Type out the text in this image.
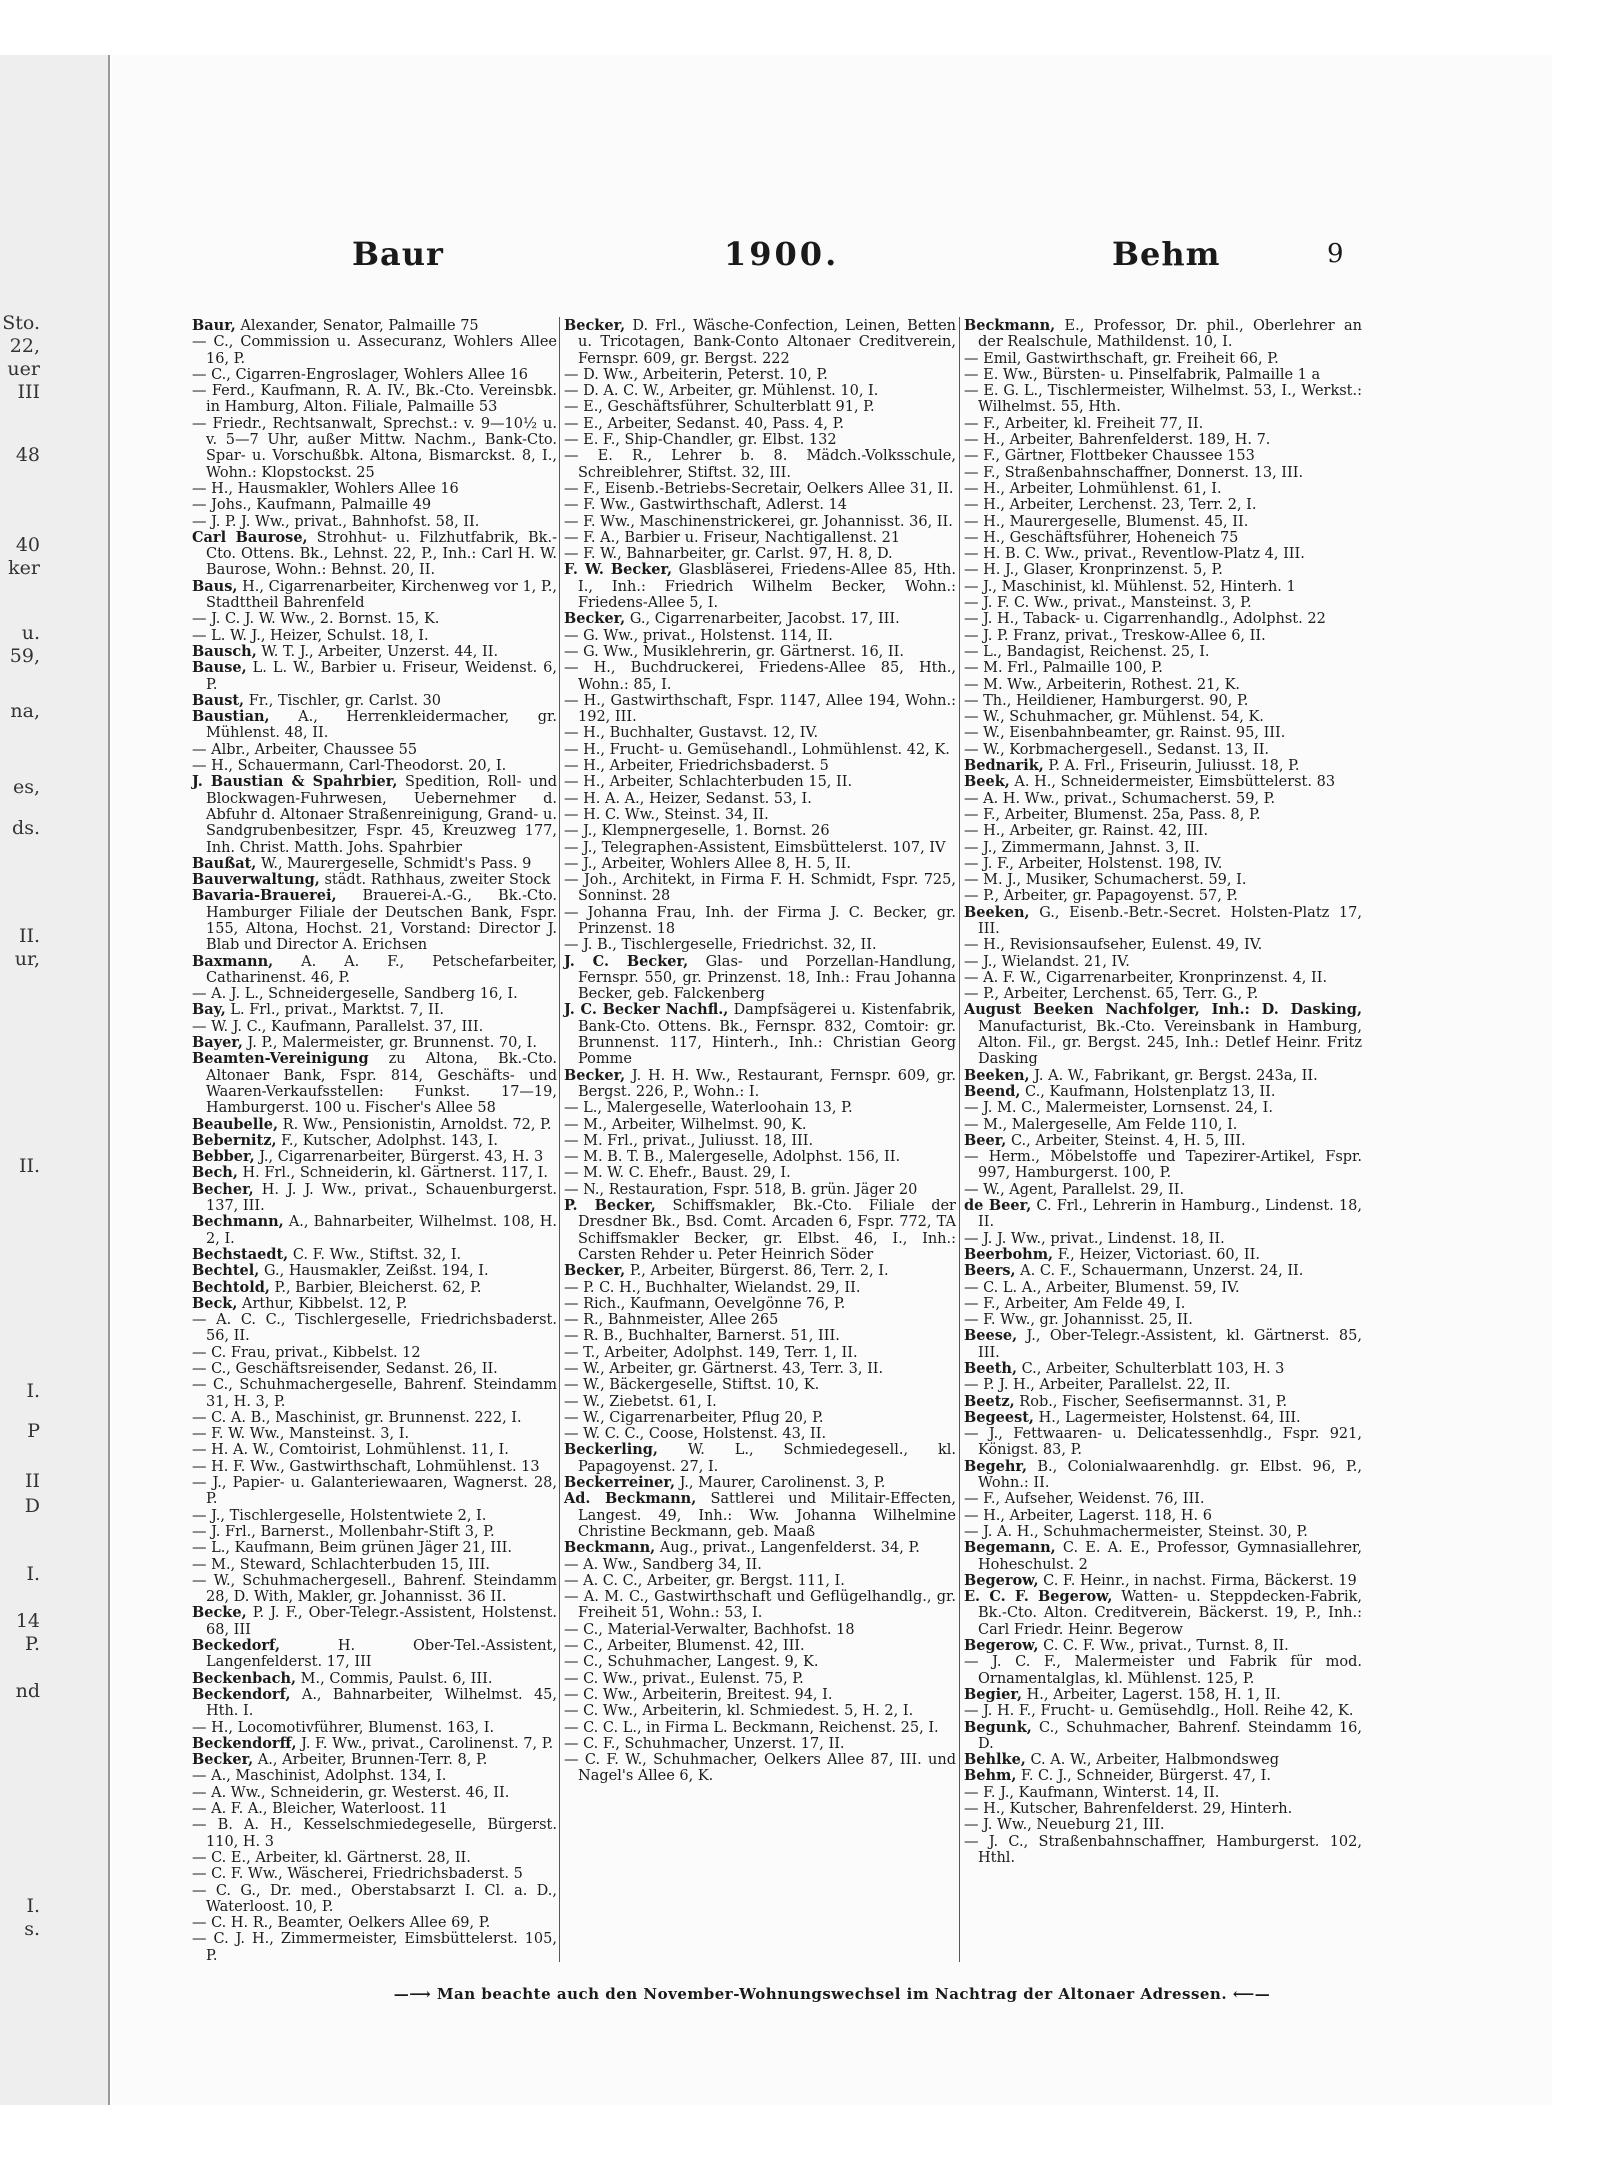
Sto.
22,
uer
III
48
40
ker
u.
59,
na,
es,
ds.
II.
ur,
II.
I.
P
II
D
I.
14
P.
nd
I.
s.
Baur	1900.	Behm	9

Baur, Alexander, Senator, Palmaille 75

— C., Commission u. Assecuranz, Wohlers Allee 16, P.

— C., Cigarren-Engroslager, Wohlers Allee 16

— Ferd., Kaufmann, R. A. IV., Bk.-Cto. Vereinsbk. in Hamburg, Alton. Filiale, Palmaille 53

— Friedr., Rechtsanwalt, Sprechst.: v. 9—10½ u. v. 5—7 Uhr, außer Mittw. Nachm., Bank-Cto. Spar- u. Vorschußbk. Altona, Bismarckst. 8, I., Wohn.: Klopstockst. 25

— H., Hausmakler, Wohlers Allee 16

— Johs., Kaufmann, Palmaille 49

— J. P. J. Ww., privat., Bahnhofst. 58, II.

Carl Baurose, Strohhut- u. Filzhutfabrik, Bk.-Cto. Ottens. Bk., Lehnst. 22, P., Inh.: Carl H. W. Baurose, Wohn.: Behnst. 20, II.

Baus, H., Cigarrenarbeiter, Kirchenweg vor 1, P., Stadttheil Bahrenfeld

— J. C. J. W. Ww., 2. Bornst. 15, K.

— L. W. J., Heizer, Schulst. 18, I.

Bausch, W. T. J., Arbeiter, Unzerst. 44, II.

Bause, L. L. W., Barbier u. Friseur, Weidenst. 6, P.

Baust, Fr., Tischler, gr. Carlst. 30

Baustian, A., Herrenkleidermacher, gr. Mühlenst. 48, II.

— Albr., Arbeiter, Chaussee 55

— H., Schauermann, Carl-Theodorst. 20, I.

J. Baustian & Spahrbier, Spedition, Roll- und Blockwagen-Fuhrwesen, Uebernehmer d. Abfuhr d. Altonaer Straßenreinigung, Grand- u. Sandgrubenbesitzer, Fspr. 45, Kreuzweg 177, Inh. Christ. Matth. Johs. Spahrbier

Baußat, W., Maurergeselle, Schmidt's Pass. 9

Bauverwaltung, städt. Rathhaus, zweiter Stock

Bavaria-Brauerei, Brauerei-A.-G., Bk.-Cto. Hamburger Filiale der Deutschen Bank, Fspr. 155, Altona, Hochst. 21, Vorstand: Director J. Blab und Director A. Erichsen

Baxmann, A. A. F., Petschefarbeiter, Catharinenst. 46, P.

— A. J. L., Schneidergeselle, Sandberg 16, I.

Bay, L. Frl., privat., Marktst. 7, II.

— W. J. C., Kaufmann, Parallelst. 37, III.

Bayer, J. P., Malermeister, gr. Brunnenst. 70, I.

Beamten-Vereinigung zu Altona, Bk.-Cto. Altonaer Bank, Fspr. 814, Geschäfts- und Waaren-Verkaufsstellen: Funkst. 17—19, Hamburgerst. 100 u. Fischer's Allee 58

Beaubelle, R. Ww., Pensionistin, Arnoldst. 72, P.

Bebernitz, F., Kutscher, Adolphst. 143, I.

Bebber, J., Cigarrenarbeiter, Bürgerst. 43, H. 3

Bech, H. Frl., Schneiderin, kl. Gärtnerst. 117, I.

Becher, H. J. J. Ww., privat., Schauenburgerst. 137, III.

Bechmann, A., Bahnarbeiter, Wilhelmst. 108, H. 2, I.

Bechstaedt, C. F. Ww., Stiftst. 32, I.

Bechtel, G., Hausmakler, Zeißst. 194, I.

Bechtold, P., Barbier, Bleicherst. 62, P.

Beck, Arthur, Kibbelst. 12, P.

— A. C. C., Tischlergeselle, Friedrichsbaderst. 56, II.

— C. Frau, privat., Kibbelst. 12

— C., Geschäftsreisender, Sedanst. 26, II.

— C., Schuhmachergeselle, Bahrenf. Steindamm 31, H. 3, P.

— C. A. B., Maschinist, gr. Brunnenst. 222, I.

— F. W. Ww., Mansteinst. 3, I.

— H. A. W., Comtoirist, Lohmühlenst. 11, I.

— H. F. Ww., Gastwirthschaft, Lohmühlenst. 13

— J., Papier- u. Galanteriewaaren, Wagnerst. 28, P.

— J., Tischlergeselle, Holstentwiete 2, I.

— J. Frl., Barnerst., Mollenbahr-Stift 3, P.

— L., Kaufmann, Beim grünen Jäger 21, III.

— M., Steward, Schlachterbuden 15, III.

— W., Schuhmachergesell., Bahrenf. Steindamm 28, D. With, Makler, gr. Johannisst. 36 II.

Becke, P. J. F., Ober-Telegr.-Assistent, Holstenst. 68, III

Beckedorf, H. Ober-Tel.-Assistent, Langenfelderst. 17, III

Beckenbach, M., Commis, Paulst. 6, III.

Beckendorf, A., Bahnarbeiter, Wilhelmst. 45, Hth. I.

— H., Locomotivführer, Blumenst. 163, I.

Beckendorff, J. F. Ww., privat., Carolinenst. 7, P.

Becker, A., Arbeiter, Brunnen-Terr. 8, P.

— A., Maschinist, Adolphst. 134, I.

— A. Ww., Schneiderin, gr. Westerst. 46, II.

— A. F. A., Bleicher, Waterloost. 11

— B. A. H., Kesselschmiedegeselle, Bürgerst. 110, H. 3

— C. E., Arbeiter, kl. Gärtnerst. 28, II.

— C. F. Ww., Wäscherei, Friedrichsbaderst. 5

— C. G., Dr. med., Oberstabsarzt I. Cl. a. D., Waterloost. 10, P.

— C. H. R., Beamter, Oelkers Allee 69, P.

— C. J. H., Zimmermeister, Eimsbüttelerst. 105, P.

Becker, D. Frl., Wäsche-Confection, Leinen, Betten u. Tricotagen, Bank-Conto Altonaer Creditverein, Fernspr. 609, gr. Bergst. 222

— D. Ww., Arbeiterin, Peterst. 10, P.

— D. A. C. W., Arbeiter, gr. Mühlenst. 10, I.

— E., Geschäftsführer, Schulterblatt 91, P.

— E., Arbeiter, Sedanst. 40, Pass. 4, P.

— E. F., Ship-Chandler, gr. Elbst. 132

— E. R., Lehrer b. 8. Mädch.-Volksschule, Schreiblehrer, Stiftst. 32, III.

— F., Eisenb.-Betriebs-Secretair, Oelkers Allee 31, II.

— F. Ww., Gastwirthschaft, Adlerst. 14

— F. Ww., Maschinenstrickerei, gr. Johannisst. 36, II.

— F. A., Barbier u. Friseur, Nachtigallenst. 21

— F. W., Bahnarbeiter, gr. Carlst. 97, H. 8, D.

F. W. Becker, Glasbläserei, Friedens-Allee 85, Hth. I., Inh.: Friedrich Wilhelm Becker, Wohn.: Friedens-Allee 5, I.

Becker, G., Cigarrenarbeiter, Jacobst. 17, III.

— G. Ww., privat., Holstenst. 114, II.

— G. Ww., Musiklehrerin, gr. Gärtnerst. 16, II.

— H., Buchdruckerei, Friedens-Allee 85, Hth., Wohn.: 85, I.

— H., Gastwirthschaft, Fspr. 1147, Allee 194, Wohn.: 192, III.

— H., Buchhalter, Gustavst. 12, IV.

— H., Frucht- u. Gemüsehandl., Lohmühlenst. 42, K.

— H., Arbeiter, Friedrichsbaderst. 5

— H., Arbeiter, Schlachterbuden 15, II.

— H. A. A., Heizer, Sedanst. 53, I.

— H. C. Ww., Steinst. 34, II.

— J., Klempnergeselle, 1. Bornst. 26

— J., Telegraphen-Assistent, Eimsbüttelerst. 107, IV

— J., Arbeiter, Wohlers Allee 8, H. 5, II.

— Joh., Architekt, in Firma F. H. Schmidt, Fspr. 725, Sonninst. 28

— Johanna Frau, Inh. der Firma J. C. Becker, gr. Prinzenst. 18

— J. B., Tischlergeselle, Friedrichst. 32, II.

J. C. Becker, Glas- und Porzellan-Handlung, Fernspr. 550, gr. Prinzenst. 18, Inh.: Frau Johanna Becker, geb. Falckenberg

J. C. Becker Nachfl., Dampfsägerei u. Kistenfabrik, Bank-Cto. Ottens. Bk., Fernspr. 832, Comtoir: gr. Brunnenst. 117, Hinterh., Inh.: Christian Georg Pomme

Becker, J. H. H. Ww., Restaurant, Fernspr. 609, gr. Bergst. 226, P., Wohn.: I.

— L., Malergeselle, Waterloohain 13, P.

— M., Arbeiter, Wilhelmst. 90, K.

— M. Frl., privat., Juliusst. 18, III.

— M. B. T. B., Malergeselle, Adolphst. 156, II.

— M. W. C. Ehefr., Baust. 29, I.

— N., Restauration, Fspr. 518, B. grün. Jäger 20

P. Becker, Schiffsmakler, Bk.-Cto. Filiale der Dresdner Bk., Bsd. Comt. Arcaden 6, Fspr. 772, TA Schiffsmakler Becker, gr. Elbst. 46, I., Inh.: Carsten Rehder u. Peter Heinrich Söder

Becker, P., Arbeiter, Bürgerst. 86, Terr. 2, I.

— P. C. H., Buchhalter, Wielandst. 29, II.

— Rich., Kaufmann, Oevelgönne 76, P.

— R., Bahnmeister, Allee 265

— R. B., Buchhalter, Barnerst. 51, III.

— T., Arbeiter, Adolphst. 149, Terr. 1, II.

— W., Arbeiter, gr. Gärtnerst. 43, Terr. 3, II.

— W., Bäckergeselle, Stiftst. 10, K.

— W., Ziebetst. 61, I.

— W., Cigarrenarbeiter, Pflug 20, P.

— W. C. C., Coose, Holstenst. 43, II.

Beckerling, W. L., Schmiedegesell., kl. Papagoyenst. 27, I.

Beckerreiner, J., Maurer, Carolinenst. 3, P.

Ad. Beckmann, Sattlerei und Militair-Effecten, Langest. 49, Inh.: Ww. Johanna Wilhelmine Christine Beckmann, geb. Maaß

Beckmann, Aug., privat., Langenfelderst. 34, P.

— A. Ww., Sandberg 34, II.

— A. C. C., Arbeiter, gr. Bergst. 111, I.

— A. M. C., Gastwirthschaft und Geflügelhandlg., gr. Freiheit 51, Wohn.: 53, I.

— C., Material-Verwalter, Bachhofst. 18

— C., Arbeiter, Blumenst. 42, III.

— C., Schuhmacher, Langest. 9, K.

— C. Ww., privat., Eulenst. 75, P.

— C. Ww., Arbeiterin, Breitest. 94, I.

— C. Ww., Arbeiterin, kl. Schmiedest. 5, H. 2, I.

— C. C. L., in Firma L. Beckmann, Reichenst. 25, I.

— C. F., Schuhmacher, Unzerst. 17, II.

— C. F. W., Schuhmacher, Oelkers Allee 87, III. und Nagel's Allee 6, K.

Beckmann, E., Professor, Dr. phil., Oberlehrer an der Realschule, Mathildenst. 10, I.

— Emil, Gastwirthschaft, gr. Freiheit 66, P.

— E. Ww., Bürsten- u. Pinselfabrik, Palmaille 1 a

— E. G. L., Tischlermeister, Wilhelmst. 53, I., Werkst.: Wilhelmst. 55, Hth.

— F., Arbeiter, kl. Freiheit 77, II.

— H., Arbeiter, Bahrenfelderst. 189, H. 7.

— F., Gärtner, Flottbeker Chaussee 153

— F., Straßenbahnschaffner, Donnerst. 13, III.

— H., Arbeiter, Lohmühlenst. 61, I.

— H., Arbeiter, Lerchenst. 23, Terr. 2, I.

— H., Maurergeselle, Blumenst. 45, II.

— H., Geschäftsführer, Hoheneich 75

— H. B. C. Ww., privat., Reventlow-Platz 4, III.

— H. J., Glaser, Kronprinzenst. 5, P.

— J., Maschinist, kl. Mühlenst. 52, Hinterh. 1

— J. F. C. Ww., privat., Mansteinst. 3, P.

— J. H., Taback- u. Cigarrenhandlg., Adolphst. 22

— J. P. Franz, privat., Treskow-Allee 6, II.

— L., Bandagist, Reichenst. 25, I.

— M. Frl., Palmaille 100, P.

— M. Ww., Arbeiterin, Rothest. 21, K.

— Th., Heildiener, Hamburgerst. 90, P.

— W., Schuhmacher, gr. Mühlenst. 54, K.

— W., Eisenbahnbeamter, gr. Rainst. 95, III.

— W., Korbmachergesell., Sedanst. 13, II.

Bednarik, P. A. Frl., Friseurin, Juliusst. 18, P.

Beek, A. H., Schneidermeister, Eimsbüttelerst. 83

— A. H. Ww., privat., Schumacherst. 59, P.

— F., Arbeiter, Blumenst. 25a, Pass. 8, P.

— H., Arbeiter, gr. Rainst. 42, III.

— J., Zimmermann, Jahnst. 3, II.

— J. F., Arbeiter, Holstenst. 198, IV.

— M. J., Musiker, Schumacherst. 59, I.

— P., Arbeiter, gr. Papagoyenst. 57, P.

Beeken, G., Eisenb.-Betr.-Secret. Holsten-Platz 17, III.

— H., Revisionsaufseher, Eulenst. 49, IV.

— J., Wielandst. 21, IV.

— A. F. W., Cigarrenarbeiter, Kronprinzenst. 4, II.

— P., Arbeiter, Lerchenst. 65, Terr. G., P.

August Beeken Nachfolger, Inh.: D. Dasking, Manufacturist, Bk.-Cto. Vereinsbank in Hamburg, Alton. Fil., gr. Bergst. 245, Inh.: Detlef Heinr. Fritz Dasking

Beeken, J. A. W., Fabrikant, gr. Bergst. 243a, II.

Beend, C., Kaufmann, Holstenplatz 13, II.

— J. M. C., Malermeister, Lornsenst. 24, I.

— M., Malergeselle, Am Felde 110, I.

Beer, C., Arbeiter, Steinst. 4, H. 5, III.

— Herm., Möbelstoffe und Tapezirer-Artikel, Fspr. 997, Hamburgerst. 100, P.

— W., Agent, Parallelst. 29, II.

de Beer, C. Frl., Lehrerin in Hamburg., Lindenst. 18, II.

— J. J. Ww., privat., Lindenst. 18, II.

Beerbohm, F., Heizer, Victoriast. 60, II.

Beers, A. C. F., Schauermann, Unzerst. 24, II.

— C. L. A., Arbeiter, Blumenst. 59, IV.

— F., Arbeiter, Am Felde 49, I.

— F. Ww., gr. Johannisst. 25, II.

Beese, J., Ober-Telegr.-Assistent, kl. Gärtnerst. 85, III.

Beeth, C., Arbeiter, Schulterblatt 103, H. 3

— P. J. H., Arbeiter, Parallelst. 22, II.

Beetz, Rob., Fischer, Seefisermannst. 31, P.

Begeest, H., Lagermeister, Holstenst. 64, III.

— J., Fettwaaren- u. Delicatessenhdlg., Fspr. 921, Königst. 83, P.

Begehr, B., Colonialwaarenhdlg. gr. Elbst. 96, P., Wohn.: II.

— F., Aufseher, Weidenst. 76, III.

— H., Arbeiter, Lagerst. 118, H. 6

— J. A. H., Schuhmachermeister, Steinst. 30, P.

Begemann, C. E. A. E., Professor, Gymnasiallehrer, Hoheschulst. 2

Begerow, C. F. Heinr., in nachst. Firma, Bäckerst. 19

E. C. F. Begerow, Watten- u. Steppdecken-Fabrik, Bk.-Cto. Alton. Creditverein, Bäckerst. 19, P., Inh.: Carl Friedr. Heinr. Begerow

Begerow, C. C. F. Ww., privat., Turnst. 8, II.

— J. C. F., Malermeister und Fabrik für mod. Ornamentalglas, kl. Mühlenst. 125, P.

Begier, H., Arbeiter, Lagerst. 158, H. 1, II.

— J. H. F., Frucht- u. Gemüsehdlg., Holl. Reihe 42, K.

Begunk, C., Schuhmacher, Bahrenf. Steindamm 16, D.

Behlke, C. A. W., Arbeiter, Halbmondsweg

Behm, F. C. J., Schneider, Bürgerst. 47, I.

— F. J., Kaufmann, Winterst. 14, II.

— H., Kutscher, Bahrenfelderst. 29, Hinterh.

— J. Ww., Neueburg 21, III.

— J. C., Straßenbahnschaffner, Hamburgerst. 102, Hthl.

—⟶ Man beachte auch den November-Wohnungswechsel im Nachtrag der Altonaer Adressen. ⟵—
